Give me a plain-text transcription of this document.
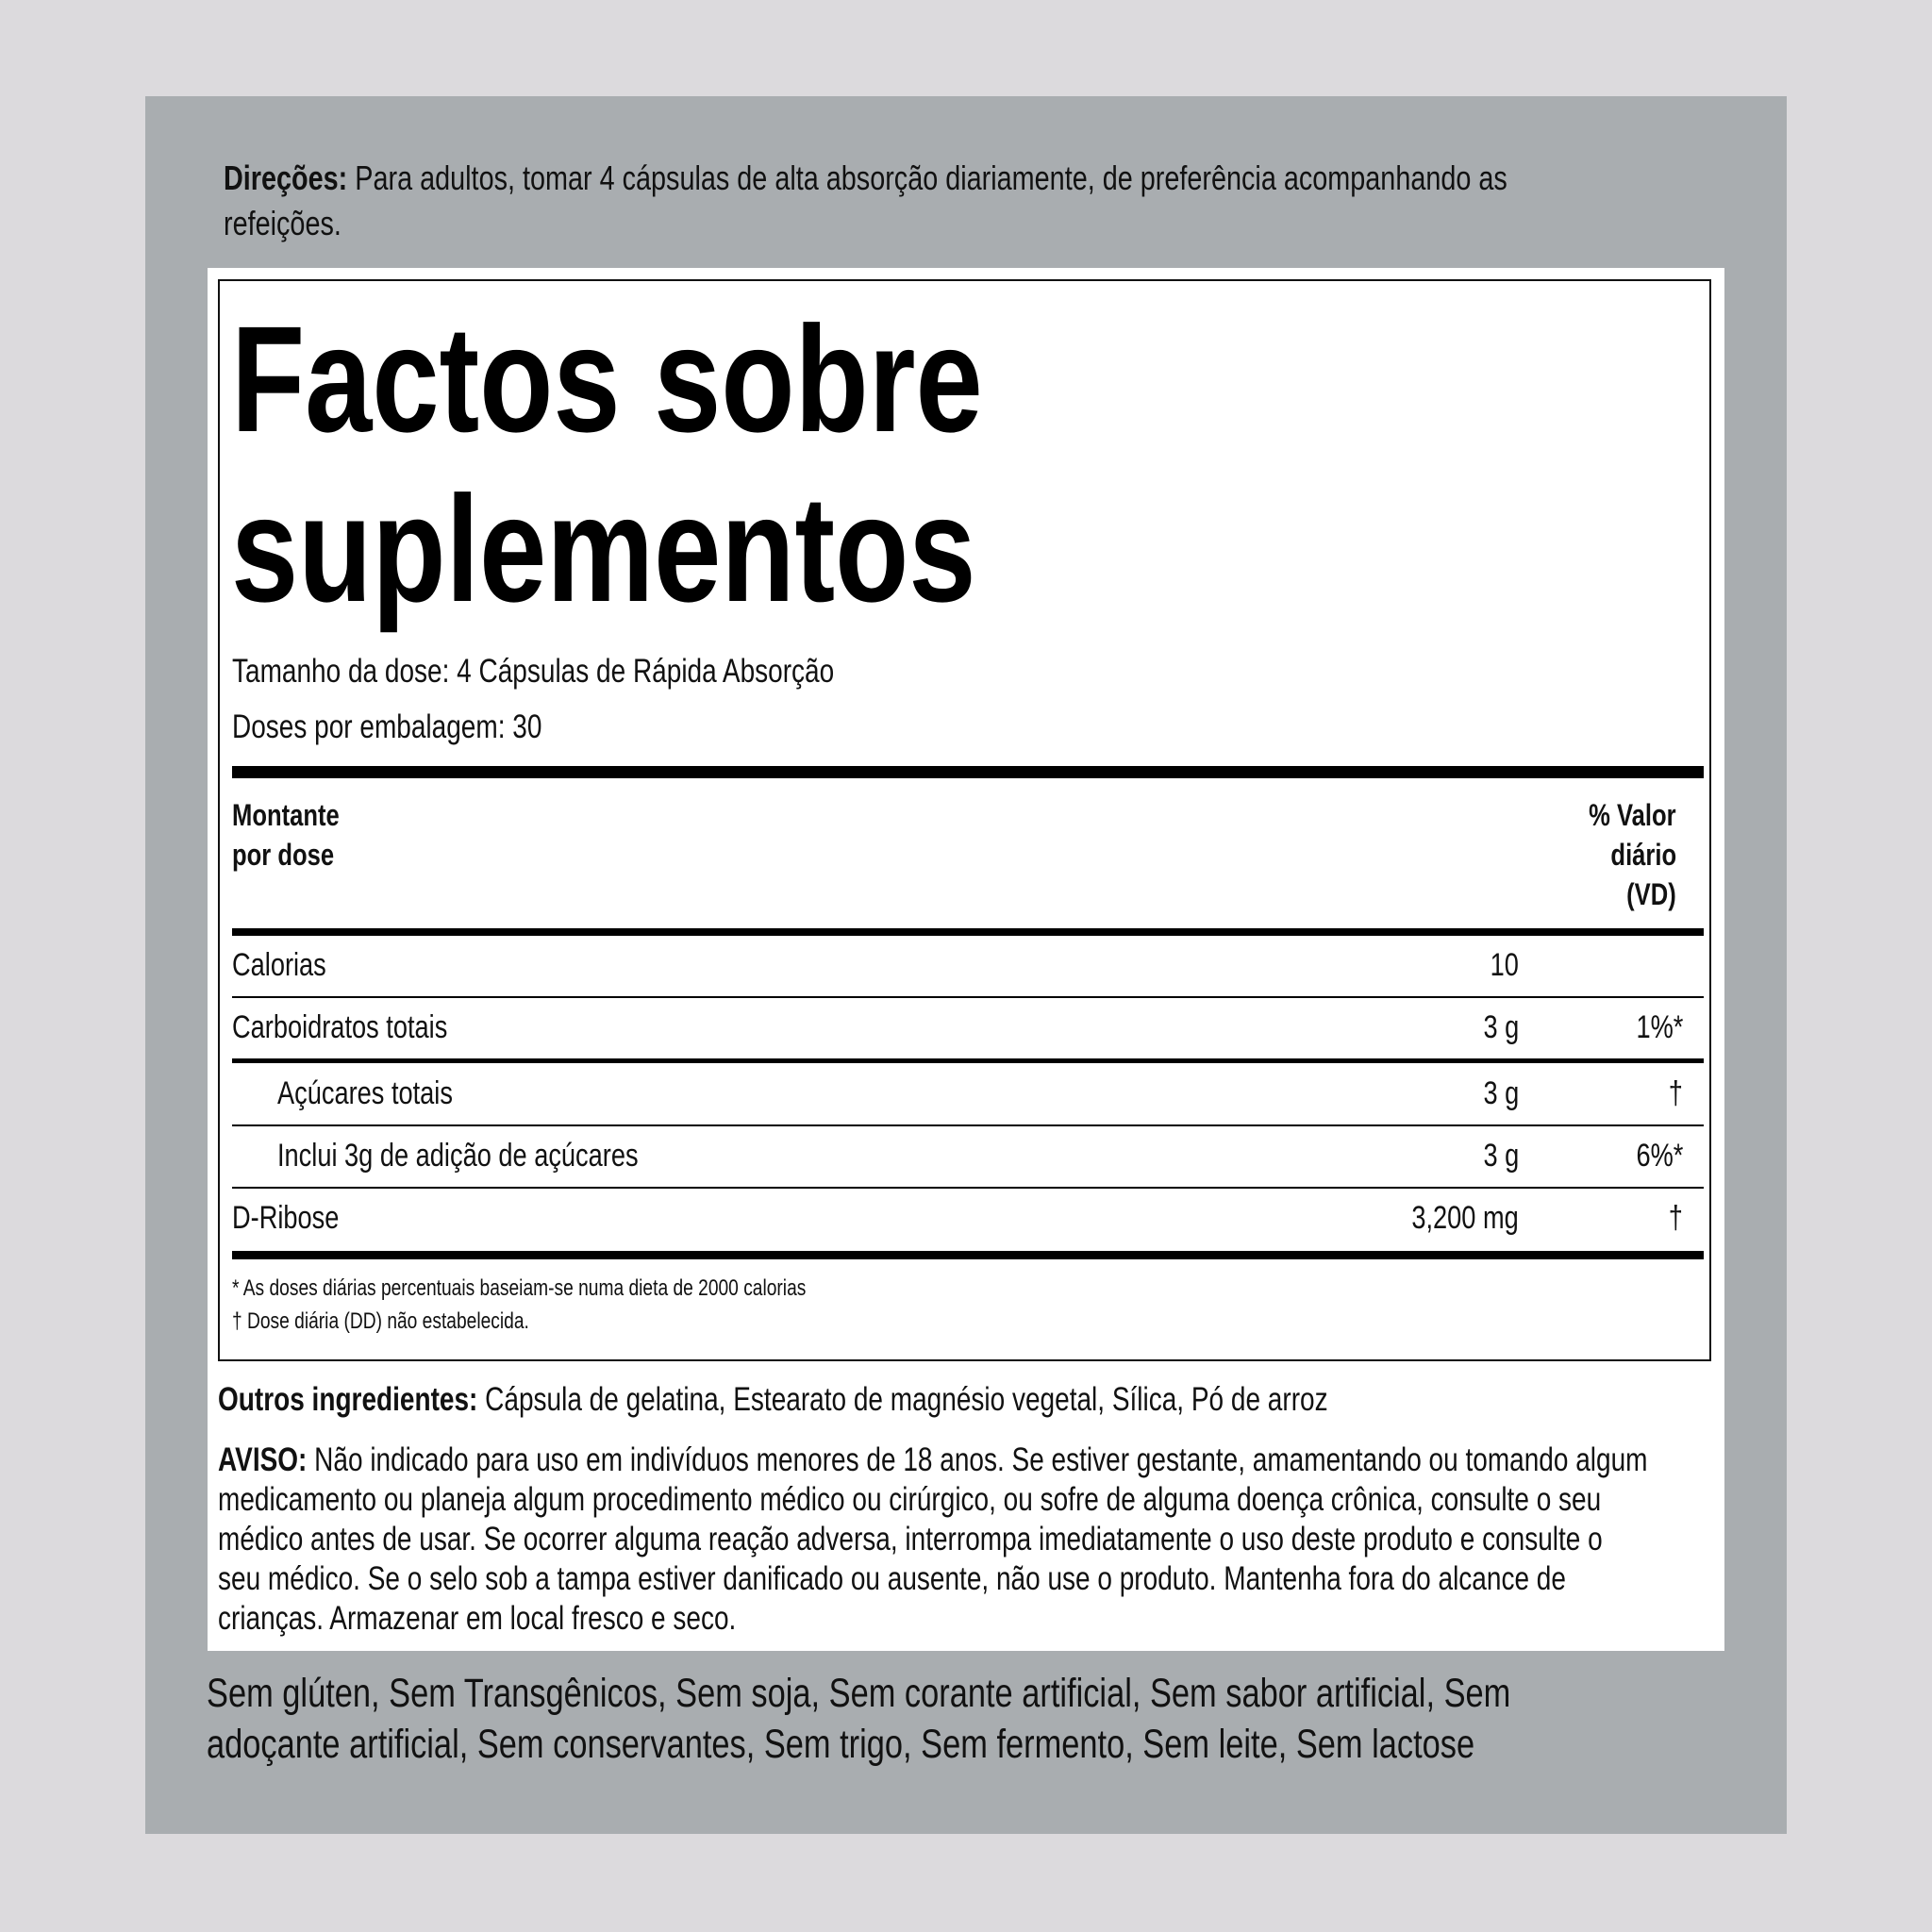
Direções: Para adultos, tomar 4 cápsulas de alta absorção diariamente, de preferência acompanhando as
refeições.
Factos sobre
suplementos
Tamanho da dose: 4 Cápsulas de Rápida Absorção
Doses por embalagem: 30
Montante
por dose
% Valor
diário
(VD)
Calorias	10
Carboidratos totais	3 g	1%*
Açúcares totais	3 g	†
Inclui 3g de adição de açúcares	3 g	6%*
D-Ribose	3,200 mg	†
* As doses diárias percentuais baseiam-se numa dieta de 2000 calorias
† Dose diária (DD) não estabelecida.
Outros ingredientes: Cápsula de gelatina, Estearato de magnésio vegetal, Sílica, Pó de arroz
AVISO: Não indicado para uso em indivíduos menores de 18 anos. Se estiver gestante, amamentando ou tomando algum
medicamento ou planeja algum procedimento médico ou cirúrgico, ou sofre de alguma doença crônica, consulte o seu
médico antes de usar. Se ocorrer alguma reação adversa, interrompa imediatamente o uso deste produto e consulte o
seu médico. Se o selo sob a tampa estiver danificado ou ausente, não use o produto. Mantenha fora do alcance de
crianças. Armazenar em local fresco e seco.
Sem glúten, Sem Transgênicos, Sem soja, Sem corante artificial, Sem sabor artificial, Sem
adoçante artificial, Sem conservantes, Sem trigo, Sem fermento, Sem leite, Sem lactose
